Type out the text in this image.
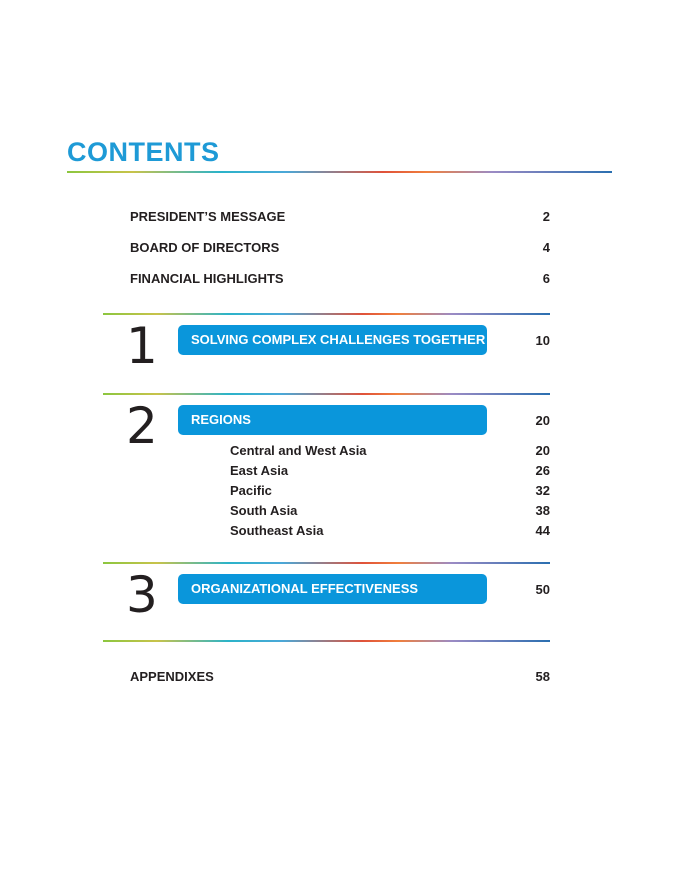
CONTENTS
PRESIDENT’S MESSAGE	2
BOARD OF DIRECTORS	4
FINANCIAL HIGHLIGHTS	6
1	SOLVING COMPLEX CHALLENGES TOGETHER	10
2	REGIONS	20
Central and West Asia	20
East Asia	26
Pacific	32
South Asia	38
Southeast Asia	44
3	ORGANIZATIONAL EFFECTIVENESS	50
APPENDIXES	58
